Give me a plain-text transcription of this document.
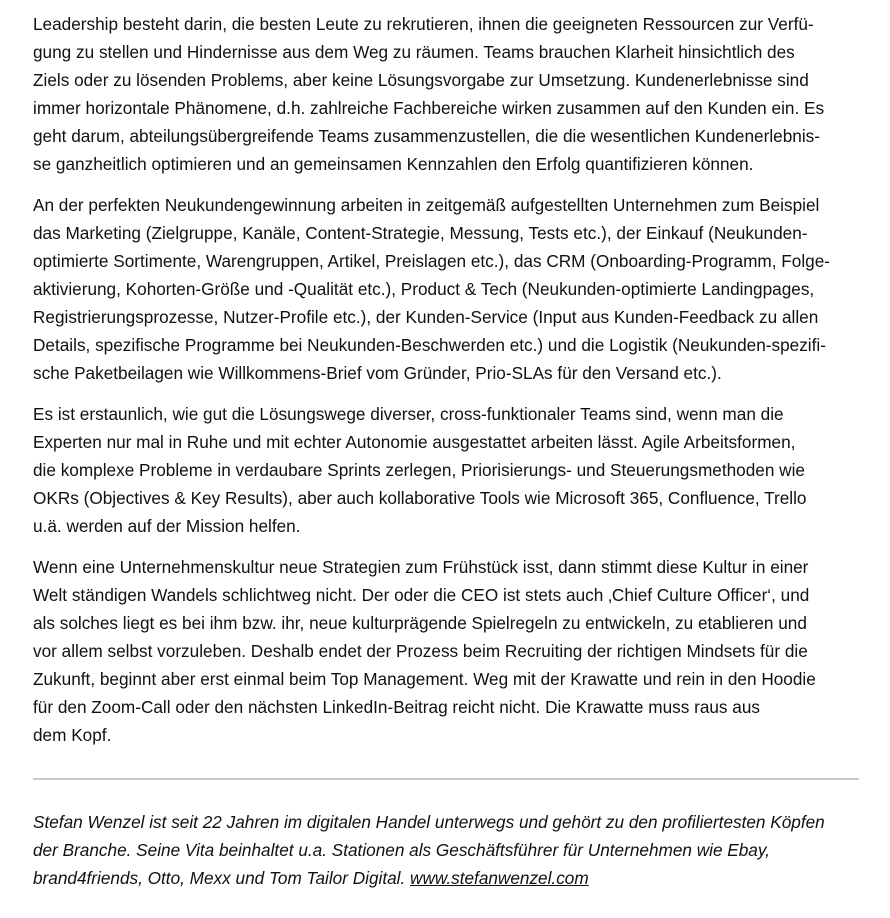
Leadership besteht darin, die besten Leute zu rekrutieren, ihnen die geeigneten Ressourcen zur Verfü-
gung zu stellen und Hindernisse aus dem Weg zu räumen. Teams brauchen Klarheit hinsichtlich des
Ziels oder zu lösenden Problems, aber keine Lösungsvorgabe zur Umsetzung. Kundenerlebnisse sind
immer horizontale Phänomene, d.h. zahlreiche Fachbereiche wirken zusammen auf den Kunden ein. Es
geht darum, abteilungsübergreifende Teams zusammenzustellen, die die wesentlichen Kundenerlebnis-
se ganzheitlich optimieren und an gemeinsamen Kennzahlen den Erfolg quantifizieren können.

An der perfekten Neukundengewinnung arbeiten in zeitgemäß aufgestellten Unternehmen zum Beispiel
das Marketing (Zielgruppe, Kanäle, Content-Strategie, Messung, Tests etc.), der Einkauf (Neukunden-
optimierte Sortimente, Warengruppen, Artikel, Preislagen etc.), das CRM (Onboarding-Programm, Folge-
aktivierung, Kohorten-Größe und -Qualität etc.), Product & Tech (Neukunden-optimierte Landingpages,
Registrierungsprozesse, Nutzer-Profile etc.), der Kunden-Service (Input aus Kunden-Feedback zu allen
Details, spezifische Programme bei Neukunden-Beschwerden etc.) und die Logistik (Neukunden-spezifi-
sche Paketbeilagen wie Willkommens-Brief vom Gründer, Prio-SLAs für den Versand etc.).

Es ist erstaunlich, wie gut die Lösungswege diverser, cross-funktionaler Teams sind, wenn man die
Experten nur mal in Ruhe und mit echter Autonomie ausgestattet arbeiten lässt. Agile Arbeitsformen,
die komplexe Probleme in verdaubare Sprints zerlegen, Priorisierungs- und Steuerungsmethoden wie
OKRs (Objectives & Key Results), aber auch kollaborative Tools wie Microsoft 365, Confluence, Trello
u.ä. werden auf der Mission helfen.

Wenn eine Unternehmenskultur neue Strategien zum Frühstück isst, dann stimmt diese Kultur in einer
Welt ständigen Wandels schlichtweg nicht. Der oder die CEO ist stets auch ‚Chief Culture Officer‘, und
als solches liegt es bei ihm bzw. ihr, neue kulturprägende Spielregeln zu entwickeln, zu etablieren und
vor allem selbst vorzuleben. Deshalb endet der Prozess beim Recruiting der richtigen Mindsets für die
Zukunft, beginnt aber erst einmal beim Top Management. Weg mit der Krawatte und rein in den Hoodie
für den Zoom-Call oder den nächsten LinkedIn-Beitrag reicht nicht. Die Krawatte muss raus aus
dem Kopf.

Stefan Wenzel ist seit 22 Jahren im digitalen Handel unterwegs und gehört zu den profiliertesten Köpfen
der Branche. Seine Vita beinhaltet u.a. Stationen als Geschäftsführer für Unternehmen wie Ebay,
brand4friends, Otto, Mexx und Tom Tailor Digital. www.stefanwenzel.com
